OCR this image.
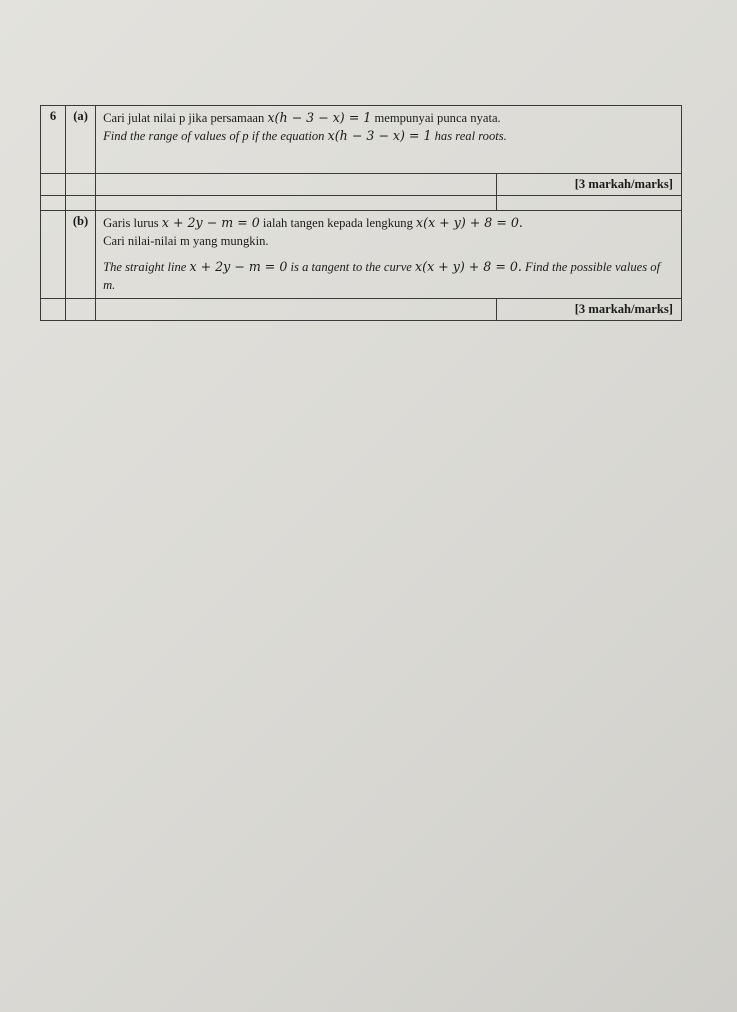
6	(a)	Cari julat nilai p jika persamaan x(h − 3 − x) = 1 mempunyai punca nyata.
Find the range of values of p if the equation x(h − 3 − x) = 1 has real roots.	

			[3 markah/marks]

	(b)	Garis lurus x + 2y − m = 0 ialah tangen kepada lengkung x(x + y) + 8 = 0.
Cari nilai-nilai m yang mungkin.
The straight line x + 2y − m = 0 is a tangent to the curve x(x + y) + 8 = 0. Find the possible values of m.	

			[3 markah/marks]
